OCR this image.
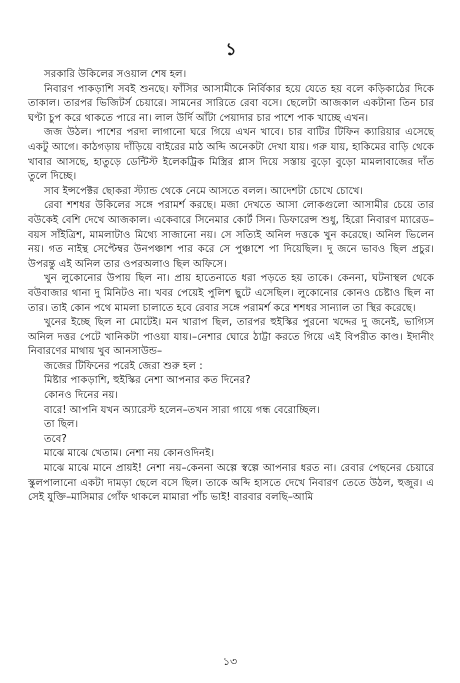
১

সরকারি উকিলের সওয়াল শেষ হল।

নিবারণ পাকড়াশি সবই শুনছে। ফাঁসির আসামীকে নির্বিকার হয়ে যেতে হয় বলে কড়িকাঠের দিকে তাকাল। তারপর ভিজিটর্স চেয়ারে। সামনের সারিতে রেবা বসে। ছেলেটা আজকাল একটানা তিন চার ঘণ্টা চুপ করে থাকতে পারে না। লাল উর্দি আঁটা পেয়াদার চার পাশে পাক খাচ্ছে এখন।

জজ উঠল। পাশের পরদা লাগানো ঘরে গিয়ে এখন খাবে। চার বাটির টিফিন ক্যারিয়ার এসেছে একটু আগে। কাঠগড়ায় দাঁড়িয়ে বাইরের মাঠ অব্দি অনেকটা দেখা যায়। গরু যায়, হাকিমের বাড়ি থেকে খাবার আসছে, হাতুড়ে ডেন্টিস্ট ইলেকট্রিক মিস্ত্রির প্লাস দিয়ে সস্তায় বুড়ো বুড়ো মামলাবাজের দাঁত তুলে দিচ্ছে।

সাব ইন্সপেক্টর ছোকরা স্ট্যান্ড থেকে নেমে আসতে বলল। আদেশটা চোখে চোখে।

রেবা শশধর উকিলের সঙ্গে পরামর্শ করছে। মজা দেখতে আসা লোকগুলো আসামীর চেয়ে তার বউকেই বেশি দেখে আজকাল। একেবারে সিনেমার কোর্ট সিন। ডিফারেন্স শুধু, হিরো নিবারণ ম্যারেড–বয়স সাঁইত্রিশ, মামলাটাও মিথ্যে সাজানো নয়। সে সত্যিই অনিল দত্তকে খুন করেছে। অনিল ভিলেন নয়। গত নাইন্থ সেপ্টেম্বর উনপঞ্চাশ পার করে সে পুঞ্চাশে পা দিয়েছিল। দু জনে ভাবও ছিল প্রচুর। উপরন্তু এই অনিল তার ওপরঅলাও ছিল অফিসে।

খুন লুকোনোর উপায় ছিল না। প্রায় হাতেনাতে ধরা পড়তে হয় তাকে। কেননা, ঘটনাস্থল থেকে বউবাজার থানা দু মিনিটও না। খবর পেয়েই পুলিশ ছুটে এসেছিল। লুকোনোর কোনও চেষ্টাও ছিল না তার। তাই কোন পথে মামলা চালাতে হবে রেবার সঙ্গে পরামর্শ করে শশধর সান্যাল তা স্থির করেছে।

খুনের ইচ্ছে ছিল না মোটেই। মন খারাপ ছিল, তারপর হুইস্কির পুরনো খদ্দের দু জনেই, ভাগ্যিস অনিল দত্তর পেটে খানিকটা পাওয়া যায়।–নেশার ঘোরে ঠাট্টা করতে গিয়ে এই বিপরীত কাণ্ড। ইদানীং নিবারণের মাথায় খুব আনসাউন্ড–

জজের টিফিনের পরেই জেরা শুরু হল :

মিষ্টার পাকড়াশি, হুইস্কির নেশা আপনার কত দিনের?

কোনও দিনের নয়।

বারে! আপনি যখন অ্যারেস্ট হলেন–তখন সারা গায়ে গন্ধ বেরোচ্ছিল।

তা ছিল।

তবে?

মাঝে মাঝে খেতাম। নেশা নয় কোনওদিনই।

মাঝে মাঝে মানে প্রায়ই! নেশা নয়–কেননা অল্পে স্বল্পে আপনার ধরত না। রেবার পেছনের চেয়ারে স্কুলপালানো একটা দামড়া ছেলে বসে ছিল। তাকে অব্দি হাসতে দেখে নিবারণ তেতে উঠল, হুজুর। এ সেই যুক্তি–মাসিমার গোঁফ থাকলে মামারা পাঁচ ভাই! বারবার বলছি–আমি

১৩
